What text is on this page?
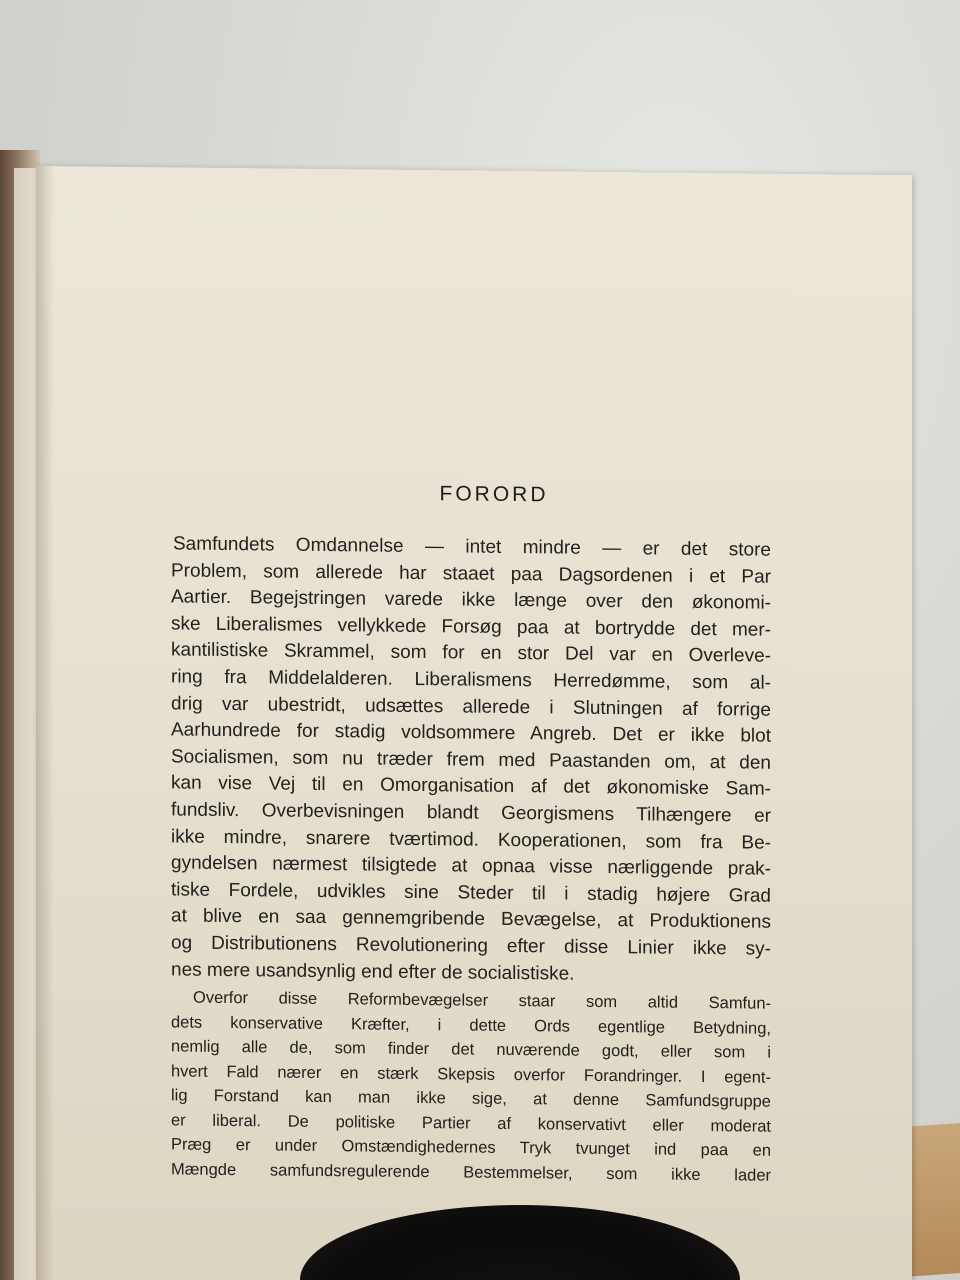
FORORD
Samfundets Omdannelse — intet mindre — er det store
Problem, som allerede har staaet paa Dagsordenen i et Par
Aartier. Begejstringen varede ikke længe over den økonomi-
ske Liberalismes vellykkede Forsøg paa at bortrydde det mer-
kantilistiske Skrammel, som for en stor Del var en Overleve-
ring fra Middelalderen. Liberalismens Herredømme, som al-
drig var ubestridt, udsættes allerede i Slutningen af forrige
Aarhundrede for stadig voldsommere Angreb. Det er ikke blot
Socialismen, som nu træder frem med Paastanden om, at den
kan vise Vej til en Omorganisation af det økonomiske Sam-
fundsliv. Overbevisningen blandt Georgismens Tilhængere er
ikke mindre, snarere tværtimod. Kooperationen, som fra Be-
gyndelsen nærmest tilsigtede at opnaa visse nærliggende prak-
tiske Fordele, udvikles sine Steder til i stadig højere Grad
at blive en saa gennemgribende Bevægelse, at Produktionens
og Distributionens Revolutionering efter disse Linier ikke sy-
nes mere usandsynlig end efter de socialistiske.
Overfor disse Reformbevægelser staar som altid Samfun-
dets konservative Kræfter, i dette Ords egentlige Betydning,
nemlig alle de, som finder det nuværende godt, eller som i
hvert Fald nærer en stærk Skepsis overfor Forandringer. I egent-
lig Forstand kan man ikke sige, at denne Samfundsgruppe
er liberal. De politiske Partier af konservativt eller moderat
Præg er under Omstændighedernes Tryk tvunget ind paa en
Mængde samfundsregulerende Bestemmelser, som ikke lader
